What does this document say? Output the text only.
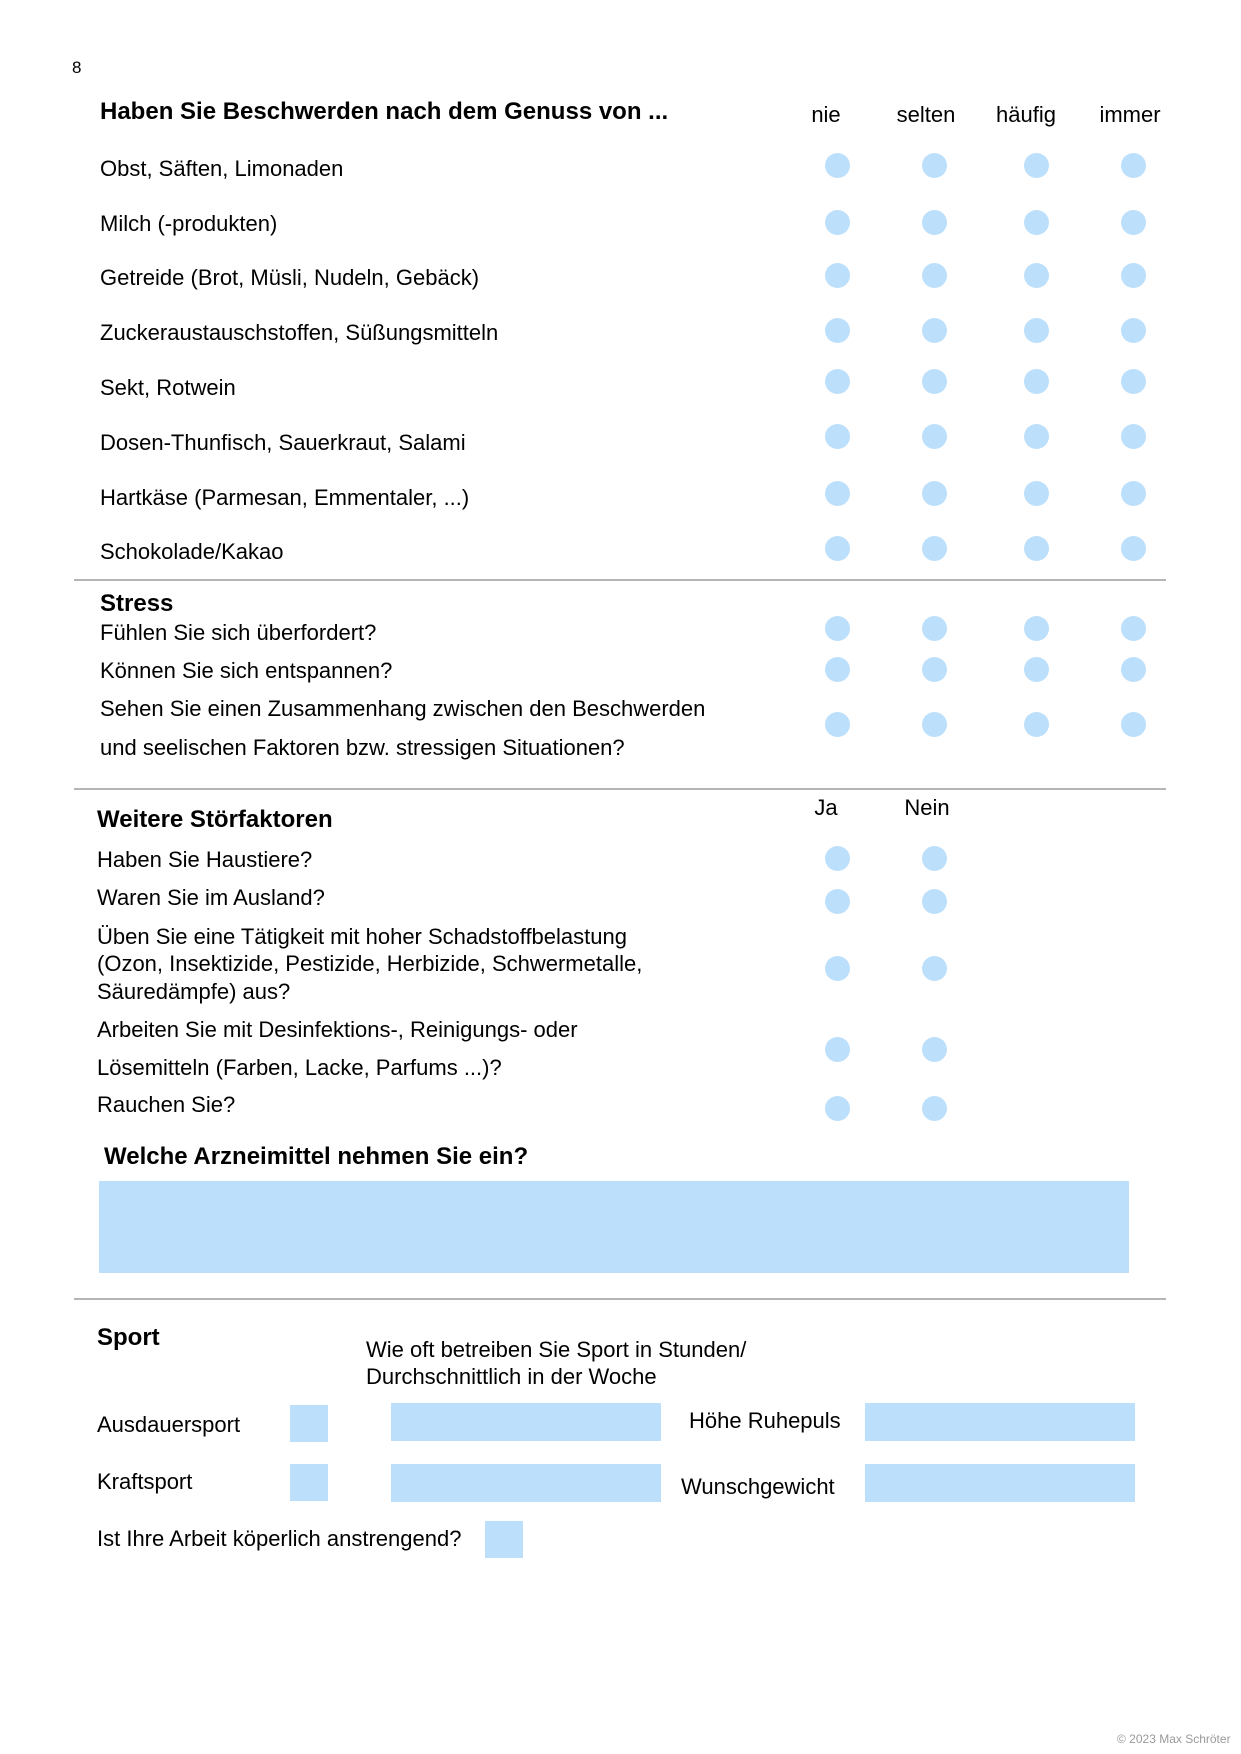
8
Haben Sie Beschwerden nach dem Genuss von ...	nie	selten	häufig	immer
Obst, Säften, Limonaden
Milch (-produkten)
Getreide (Brot, Müsli, Nudeln, Gebäck)
Zuckeraustauschstoffen, Süßungsmitteln
Sekt, Rotwein
Dosen-Thunfisch, Sauerkraut, Salami
Hartkäse (Parmesan, Emmentaler, ...)
Schokolade/Kakao
Stress
Fühlen Sie sich überfordert?
Können Sie sich entspannen?
Sehen Sie einen Zusammenhang zwischen den Beschwerden
und seelischen Faktoren bzw. stressigen Situationen?
Ja	Nein
Weitere Störfaktoren
Haben Sie Haustiere?
Waren Sie im Ausland?
Üben Sie eine Tätigkeit mit hoher Schadstoffbelastung
(Ozon, Insektizide, Pestizide, Herbizide, Schwermetalle,
Säuredämpfe) aus?
Arbeiten Sie mit Desinfektions-, Reinigungs- oder
Lösemitteln (Farben, Lacke, Parfums ...)?
Rauchen Sie?
Welche Arzneimittel nehmen Sie ein?
Sport	Wie oft betreiben Sie Sport in Stunden/
Durchschnittlich in der Woche
Ausdauersport	Höhe Ruhepuls
Kraftsport	Wunschgewicht
Ist Ihre Arbeit köperlich anstrengend?
© 2023 Max Schröter
